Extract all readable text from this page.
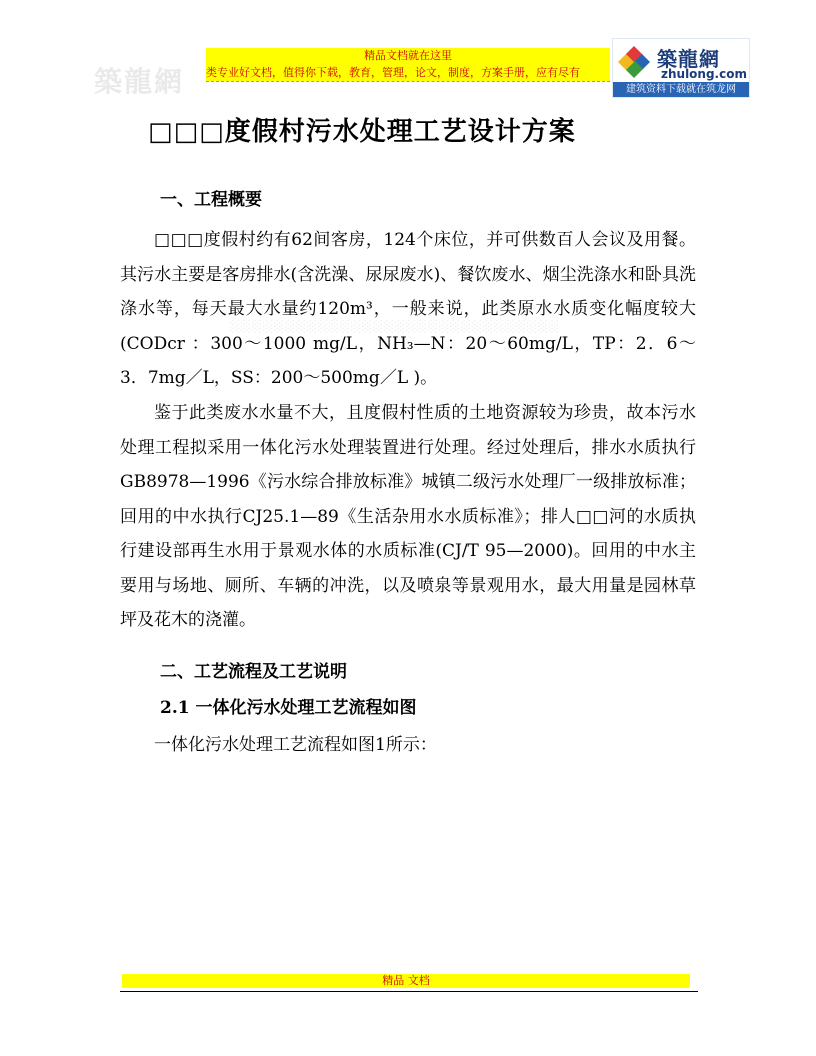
築龍網
精品文档就在这里
类专业好文档，值得你下载，教育，管理，论文，制度，方案手册，应有尽有
築龍網
zhulong.com
建筑资料下载就在筑龙网
□□□度假村污水处理工艺设计方案
一、工程概要

□□□度假村约有62间客房，124个床位，并可供数百人会议及用餐。其污水主要是客房排水(含洗澡、尿尿废水)、餐饮废水、烟尘洗涤水和卧具洗涤水等，每天最大水量约120m³，一般来说，此类原水水质变化幅度较大(CODcr ：300～1000 mg/L，NH₃—N：20～60mg/L，TP：2．6～3．7mg／L，SS：200～500mg／L )。

░░░░░░░░░░░░░░░░░░░░░░░░░░░░░░

鉴于此类废水水量不大，且度假村性质的土地资源较为珍贵，故本污水处理工程拟采用一体化污水处理装置进行处理。经过处理后，排水水质执行GB8978—1996《污水综合排放标准》城镇二级污水处理厂一级排放标准；回用的中水执行CJ25.1—89《生活杂用水水质标准》；排人□□河的水质执行建设部再生水用于景观水体的水质标准(CJ/T 95—2000)。回用的中水主要用与场地、厕所、车辆的冲洗，以及喷泉等景观用水，最大用量是园林草坪及花木的浇灌。

二、工艺流程及工艺说明
2.1 一体化污水处理工艺流程如图

一体化污水处理工艺流程如图1所示：

精品 文档
